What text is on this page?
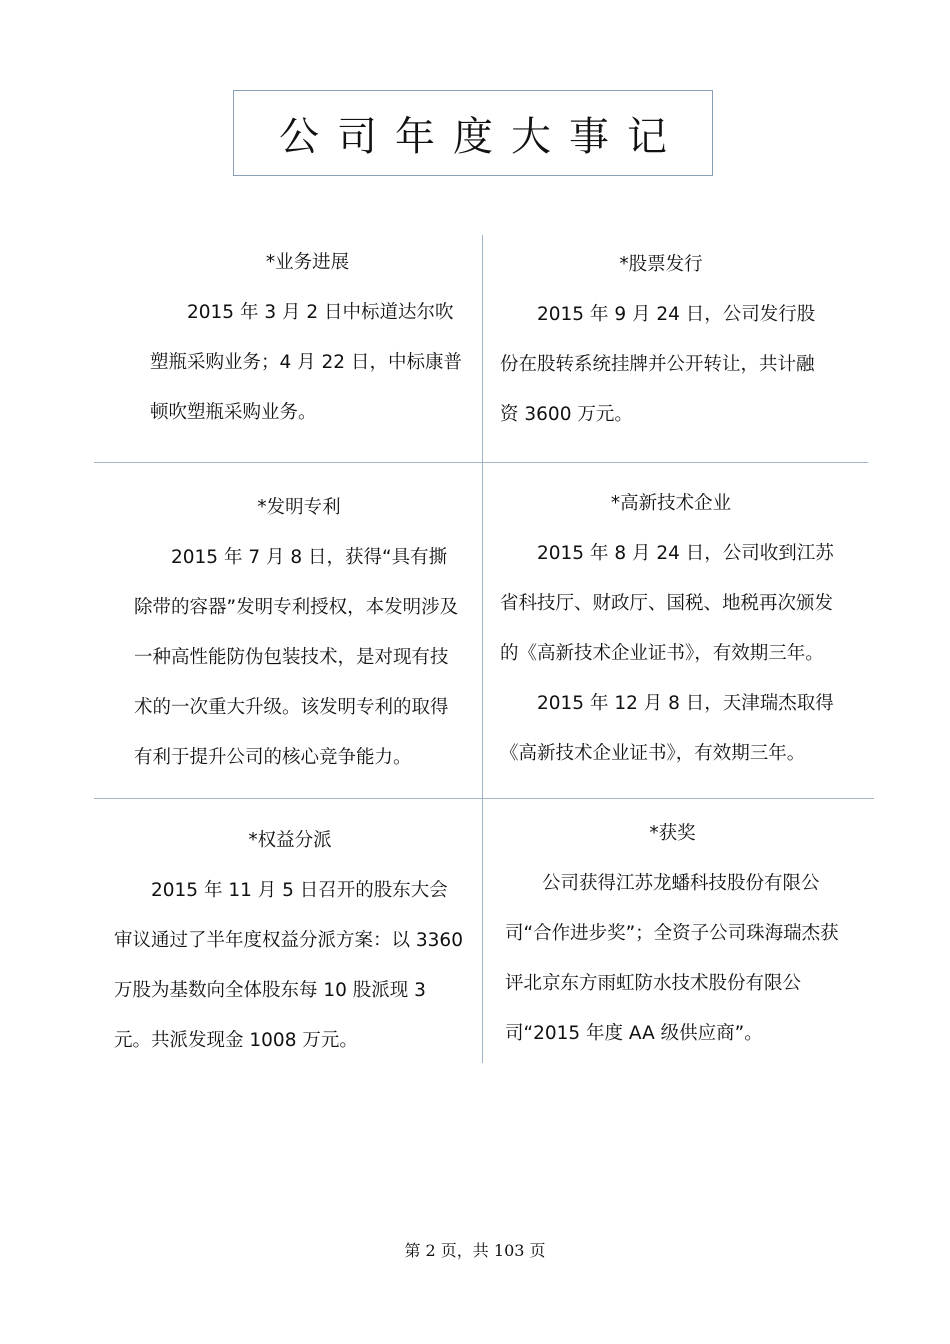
公司年度大事记
*业务进展

2015 年 3 月 2 日中标道达尔吹塑瓶采购业务；4 月 22 日，中标康普顿吹塑瓶采购业务。

*股票发行

2015 年 9 月 24 日，公司发行股份在股转系统挂牌并公开转让，共计融资 3600 万元。

*发明专利

2015 年 7 月 8 日，获得“具有撕除带的容器”发明专利授权，本发明涉及一种高性能防伪包装技术，是对现有技术的一次重大升级。该发明专利的取得有利于提升公司的核心竞争能力。

*高新技术企业

2015 年 8 月 24 日，公司收到江苏省科技厅、财政厅、国税、地税再次颁发的《高新技术企业证书》，有效期三年。

2015 年 12 月 8 日，天津瑞杰取得《高新技术企业证书》，有效期三年。

*权益分派

2015 年 11 月 5 日召开的股东大会审议通过了半年度权益分派方案：以 3360 万股为基数向全体股东每 10 股派现 3 元。共派发现金 1008 万元。

*获奖

公司获得江苏龙蟠科技股份有限公司“合作进步奖”；全资子公司珠海瑞杰获评北京东方雨虹防水技术股份有限公司“2015 年度 AA 级供应商”。

第 2 页，共 103 页
